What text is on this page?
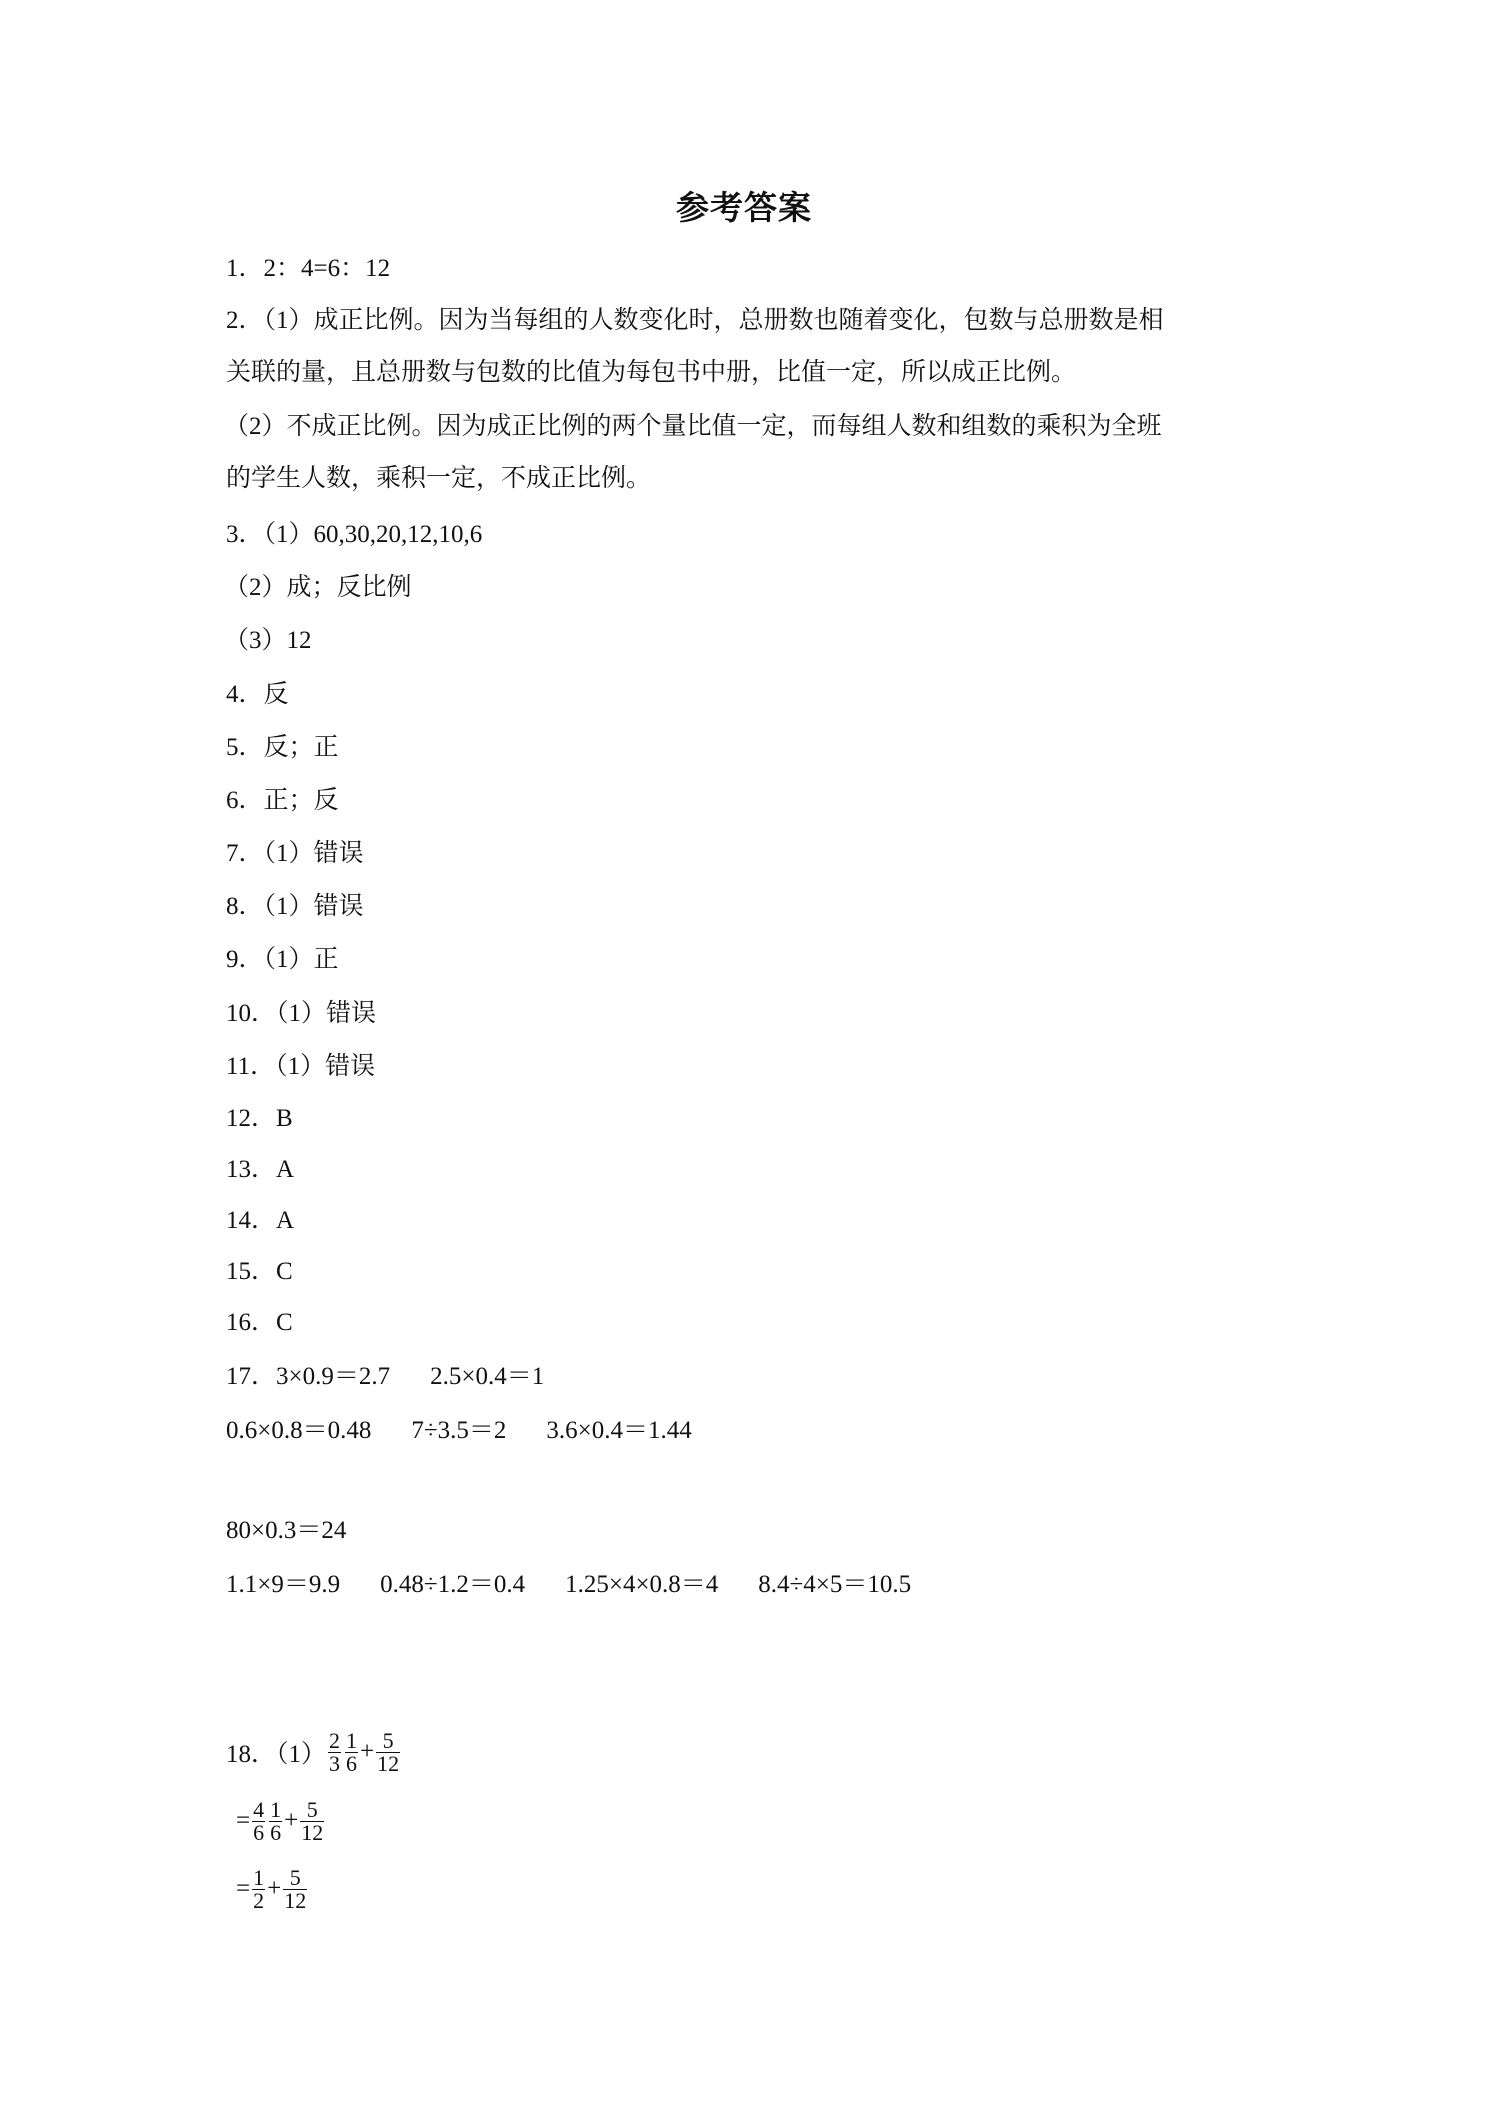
参考答案
1．2：4=6：12
2．（1）成正比例。因为当每组的人数变化时，总册数也随着变化，包数与总册数是相
关联的量，且总册数与包数的比值为每包书中册，比值一定，所以成正比例。
（2）不成正比例。因为成正比例的两个量比值一定，而每组人数和组数的乘积为全班
的学生人数，乘积一定，不成正比例。
3．（1）60,30,20,12,10,6
（2）成；反比例
（3）12
4．反
5．反；正
6．正；反
7．（1）错误
8．（1）错误
9．（1）正
10．（1）错误
11．（1）错误
12．B
13．A
14．A
15．C
16．C
17．3×0.9＝2.7 2.5×0.4＝1
0.6×0.8＝0.48 7÷3.5＝2 3.6×0.4＝1.44
80×0.3＝24
1.1×9＝9.9 0.48÷1.2＝0.4 1.25×4×0.8＝4 8.4÷4×5＝10.5
18．$(1) \frac{2}{3} \frac{1}{6} + \frac{5}{12}$
= $\frac{4}{6} \frac{1}{6} + \frac{5}{12}$
= $\frac{1}{2} + \frac{5}{12}$
